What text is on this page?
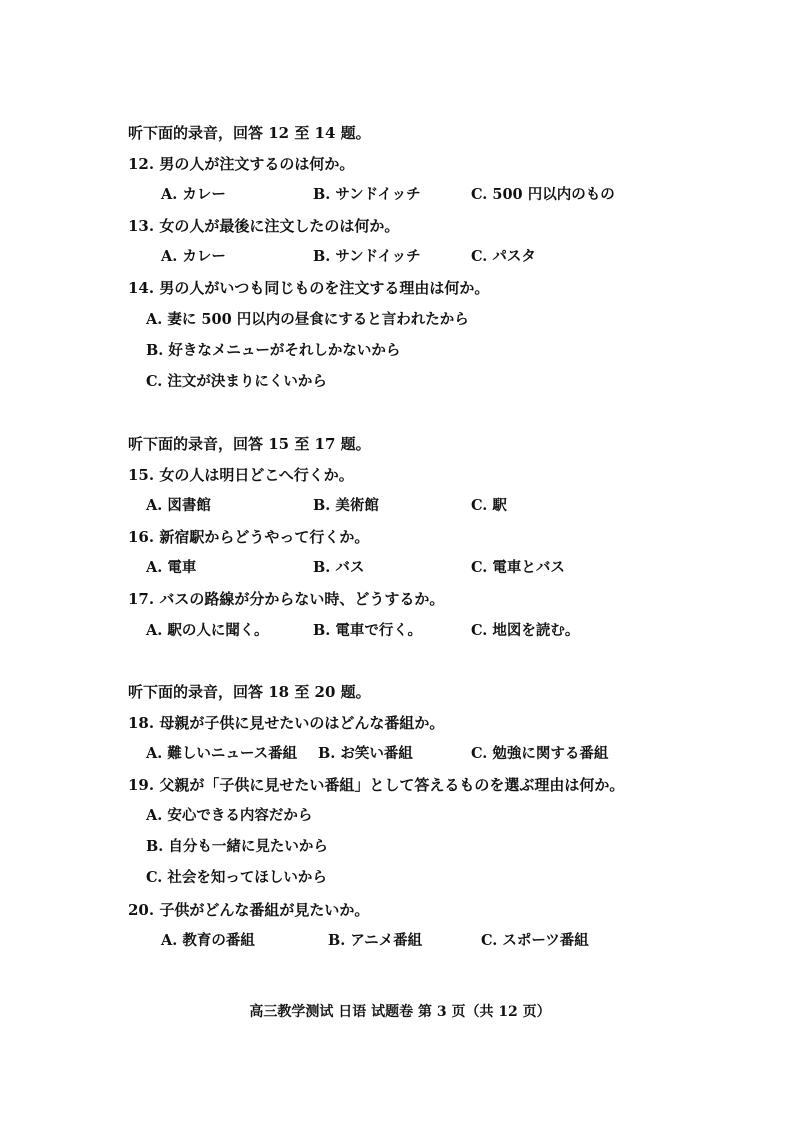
听下面的录音，回答 12 至 14 题。
12. 男の人が注文するのは何か。
A. カレー	B. サンドイッチ	C. 500 円以内のもの
13. 女の人が最後に注文したのは何か。
A. カレー	B. サンドイッチ	C. パスタ
14. 男の人がいつも同じものを注文する理由は何か。
A. 妻に 500 円以内の昼食にすると言われたから
B. 好きなメニューがそれしかないから
C. 注文が決まりにくいから
听下面的录音，回答 15 至 17 题。
15. 女の人は明日どこへ行くか。
A. 図書館	B. 美術館	C. 駅
16. 新宿駅からどうやって行くか。
A. 電車	B. バス	C. 電車とバス
17. バスの路線が分からない時、どうするか。
A. 駅の人に聞く。	B. 電車で行く。	C. 地図を読む。
听下面的录音，回答 18 至 20 题。
18. 母親が子供に見せたいのはどんな番組か。
A. 難しいニュース番組 B. お笑い番組	C. 勉強に関する番組
19. 父親が「子供に見せたい番組」として答えるものを選ぶ理由は何か。
A. 安心できる内容だから
B. 自分も一緒に見たいから
C. 社会を知ってほしいから
20. 子供がどんな番組が見たいか。
A. 教育の番組	B. アニメ番組	C. スポーツ番組
高三教学测试 日语 试题卷 第 3 页（共 12 页）
